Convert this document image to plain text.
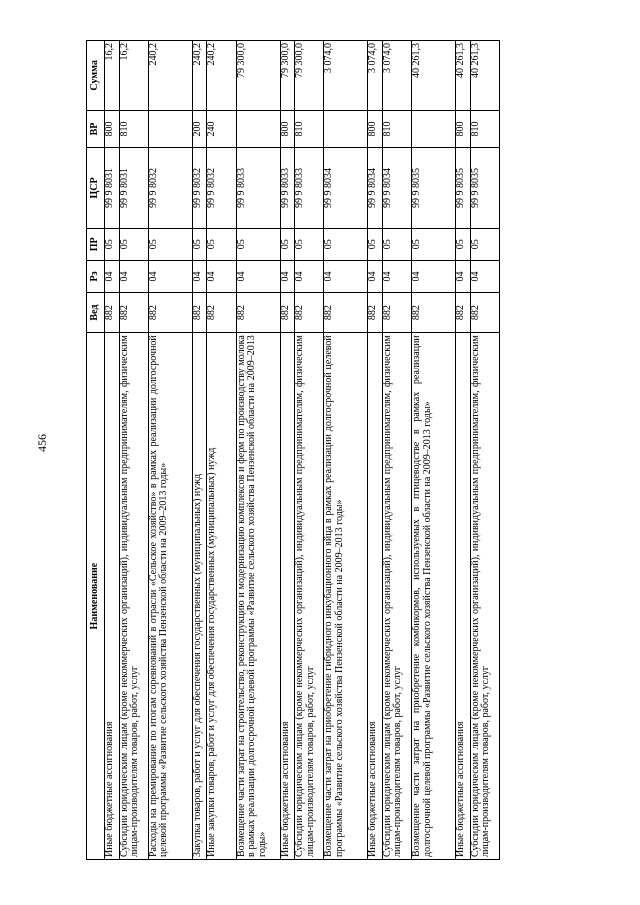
456
Наименование	Вед	Рз	ПР	ЦСР	ВР	Сумма
Иные бюджетные ассигнования	882	04	05	99 9 8031	800	16,2
Субсидии юридическим лицам (кроме некоммерческих организаций), индивидуальным предпринимателям, физическим лицам-производителям товаров, работ, услуг	882	04	05	99 9 8031	810	16,2
Расходы на премирование по итогам соревнований в отрасли «Сельское хозяйство» в рамках реализации долгосрочной целевой программы «Развитие сельского хозяйства Пензенской области на 2009–2013 годы»	882	04	05	99 9 8032		240,2
Закупка товаров, работ и услуг для обеспечения государственных (муниципальных) нужд	882	04	05	99 9 8032	200	240,2
Иные закупки товаров, работ и услуг для обеспечения государственных (муниципальных) нужд	882	04	05	99 9 8032	240	240,2
Возмещение части затрат на строительство, реконструкцию и модернизацию комплексов и ферм по производству молока в рамках реализации долгосрочной целевой программы «Развитие сельского хозяйства Пензенской области на 2009–2013 годы»	882	04	05	99 9 8033		79 300,0
Иные бюджетные ассигнования	882	04	05	99 9 8033	800	79 300,0
Субсидии юридическим лицам (кроме некоммерческих организаций), индивидуальным предпринимателям, физическим лицам-производителям товаров, работ, услуг	882	04	05	99 9 8033	810	79 300,0
Возмещение части затрат на приобретение гибридного инкубационного яйца в рамках реализации долгосрочной целевой программы «Развитие сельского хозяйства Пензенской области на 2009–2013 годы»	882	04	05	99 9 8034		3 074,0
Иные бюджетные ассигнования	882	04	05	99 9 8034	800	3 074,0
Субсидии юридическим лицам (кроме некоммерческих организаций), индивидуальным предпринимателям, физическим лицам-производителям товаров, работ, услуг	882	04	05	99 9 8034	810	3 074,0
Возмещение части затрат на приобретение комбикормов, используемых в птицеводстве в рамках реализации долгосрочной целевой программы «Развитие сельского хозяйства Пензенской области на 2009–2013 годы»	882	04	05	99 9 8035		40 261,3
Иные бюджетные ассигнования	882	04	05	99 9 8035	800	40 261,3
Субсидии юридическим лицам (кроме некоммерческих организаций), индивидуальным предпринимателям, физическим лицам-производителям товаров, работ, услуг	882	04	05	99 9 8035	810	40 261,3
